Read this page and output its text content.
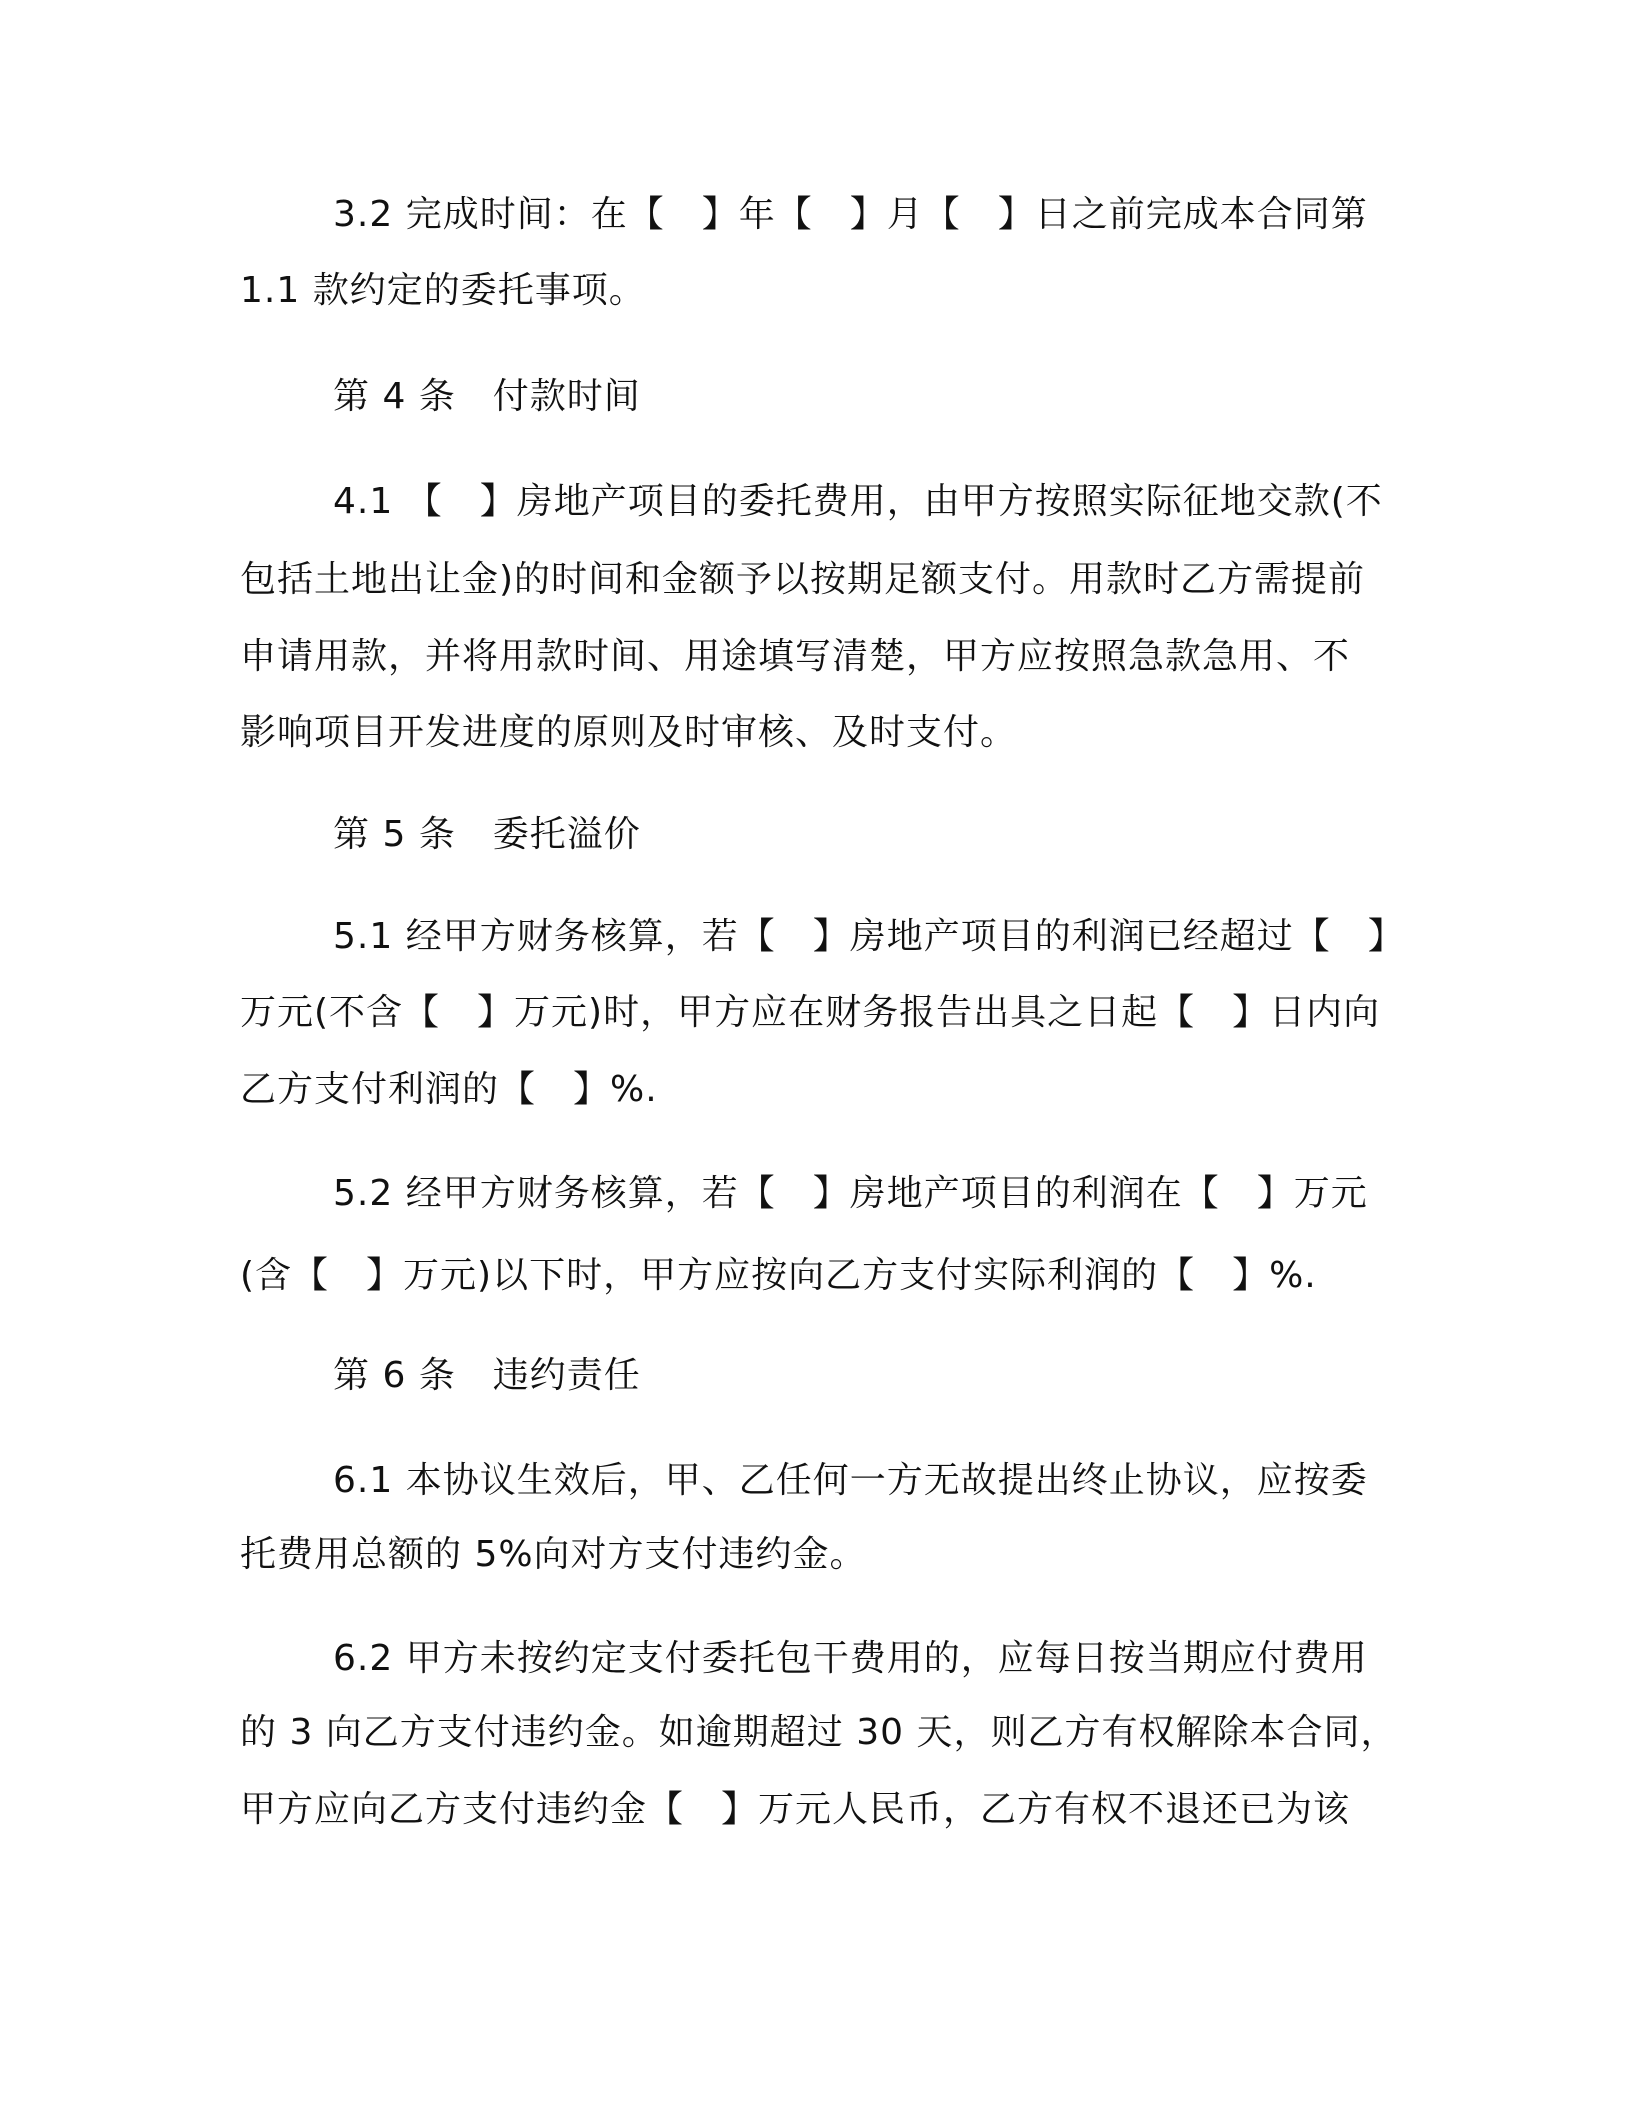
3.2 完成时间：在【　】年【　】月【　】日之前完成本合同第
1.1 款约定的委托事项。
第 4 条　付款时间
4.1 【　】房地产项目的委托费用，由甲方按照实际征地交款(不
包括土地出让金)的时间和金额予以按期足额支付。用款时乙方需提前
申请用款，并将用款时间、用途填写清楚，甲方应按照急款急用、不
影响项目开发进度的原则及时审核、及时支付。
第 5 条　委托溢价
5.1 经甲方财务核算，若【　】房地产项目的利润已经超过【　】
万元(不含【　】万元)时，甲方应在财务报告出具之日起【　】日内向
乙方支付利润的【　】%.
5.2 经甲方财务核算，若【　】房地产项目的利润在【　】万元
(含【　】万元)以下时，甲方应按向乙方支付实际利润的【　】%.
第 6 条　违约责任
6.1 本协议生效后，甲、乙任何一方无故提出终止协议，应按委
托费用总额的 5%向对方支付违约金。
6.2 甲方未按约定支付委托包干费用的，应每日按当期应付费用
的 3 向乙方支付违约金。如逾期超过 30 天，则乙方有权解除本合同，
甲方应向乙方支付违约金【　】万元人民币，乙方有权不退还已为该
